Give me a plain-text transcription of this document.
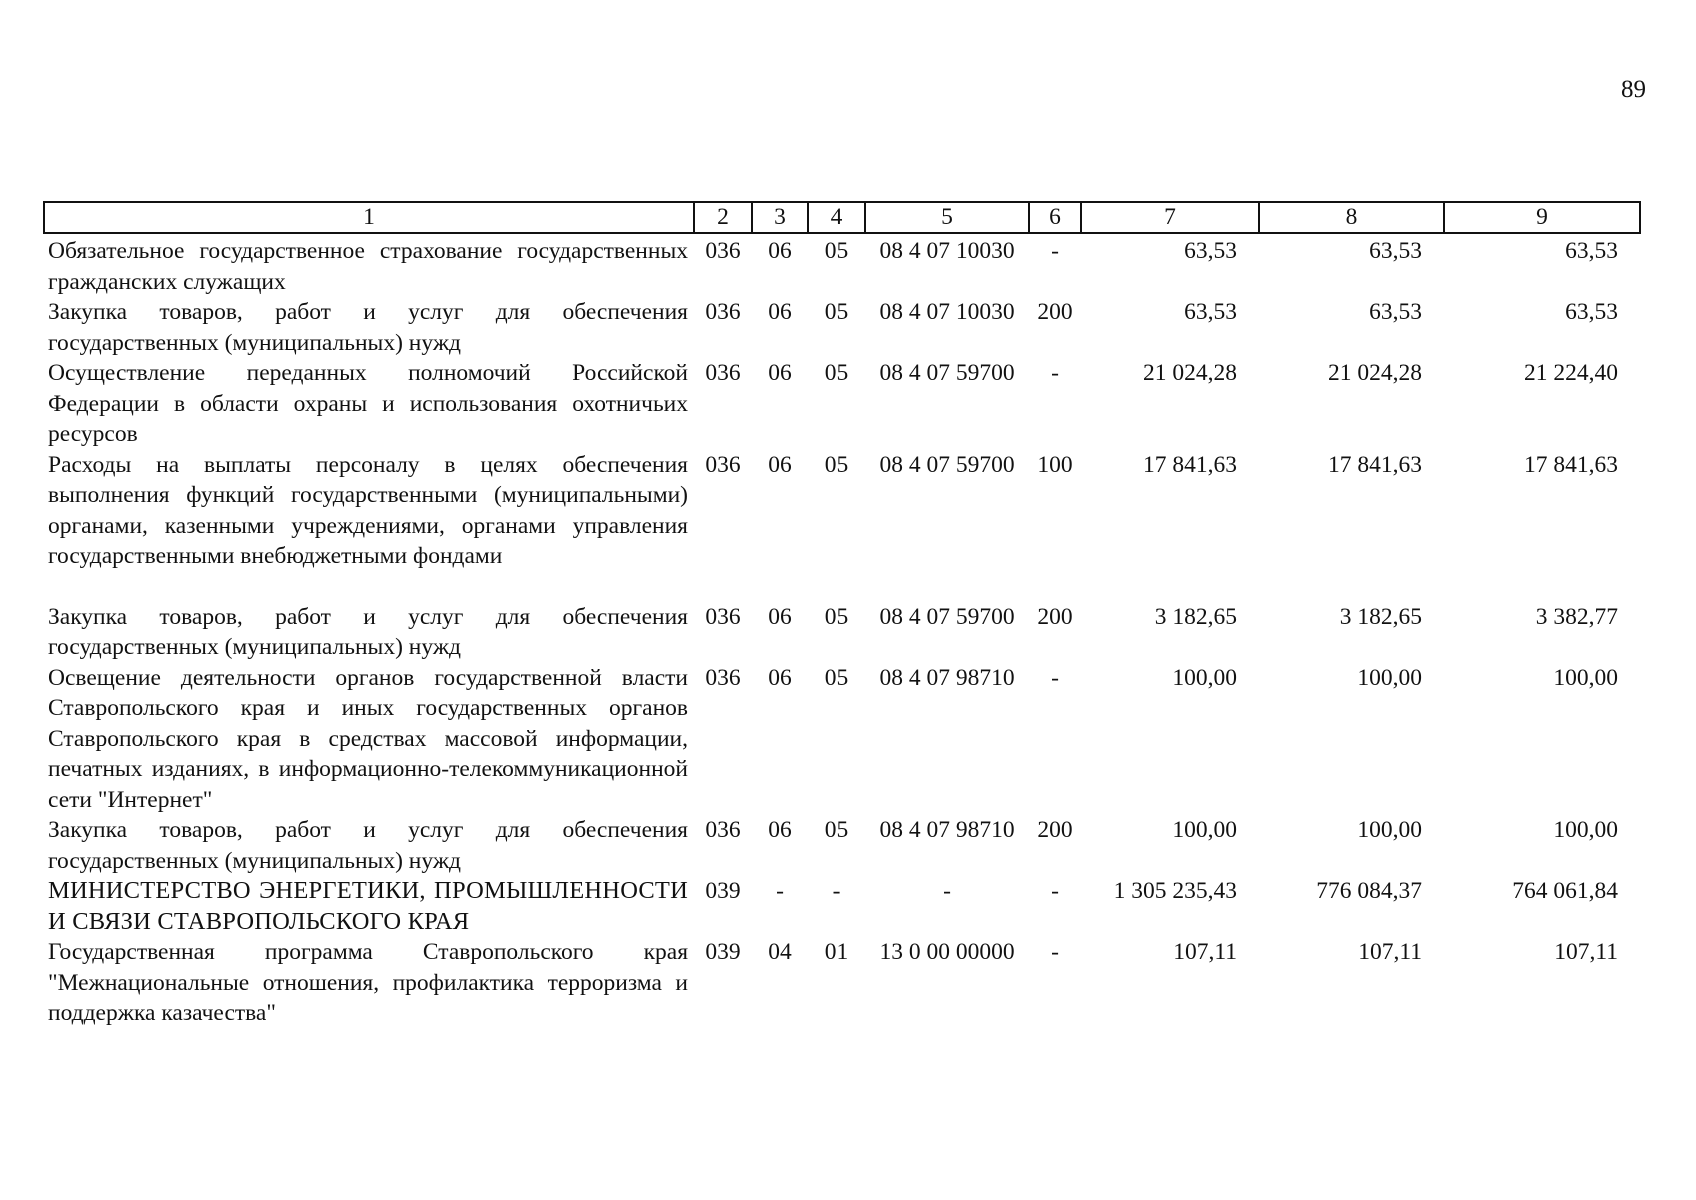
89
1	2	3	4	5	6	7	8	9
Обязательное государственное страхование государственных гражданских служащих	036	06	05	08 4 07 10030	-	63,53	63,53	63,53
Закупка товаров, работ и услуг для обеспечения государственных (муниципальных) нужд	036	06	05	08 4 07 10030	200	63,53	63,53	63,53
Осуществление переданных полномочий Российской Федерации в области охраны и использования охотничьих ресурсов	036	06	05	08 4 07 59700	-	21 024,28	21 024,28	21 224,40
Расходы на выплаты персоналу в целях обеспечения выполнения функций государственными (муниципальными) органами, казенными учреждениями, органами управления государственными внебюджетными фондами	036	06	05	08 4 07 59700	100	17 841,63	17 841,63	17 841,63
Закупка товаров, работ и услуг для обеспечения государственных (муниципальных) нужд	036	06	05	08 4 07 59700	200	3 182,65	3 182,65	3 382,77
Освещение деятельности органов государственной власти Ставропольского края и иных государственных органов Ставропольского края в средствах массовой информации, печатных изданиях, в информационно-телекоммуникационной сети "Интернет"	036	06	05	08 4 07 98710	-	100,00	100,00	100,00
Закупка товаров, работ и услуг для обеспечения государственных (муниципальных) нужд	036	06	05	08 4 07 98710	200	100,00	100,00	100,00
МИНИСТЕРСТВО ЭНЕРГЕТИКИ, ПРОМЫШЛЕННОСТИ И СВЯЗИ СТАВРОПОЛЬСКОГО КРАЯ	039	-	-	-	-	1 305 235,43	776 084,37	764 061,84
Государственная программа Ставропольского края "Межнациональные отношения, профилактика терроризма и поддержка казачества"	039	04	01	13 0 00 00000	-	107,11	107,11	107,11
